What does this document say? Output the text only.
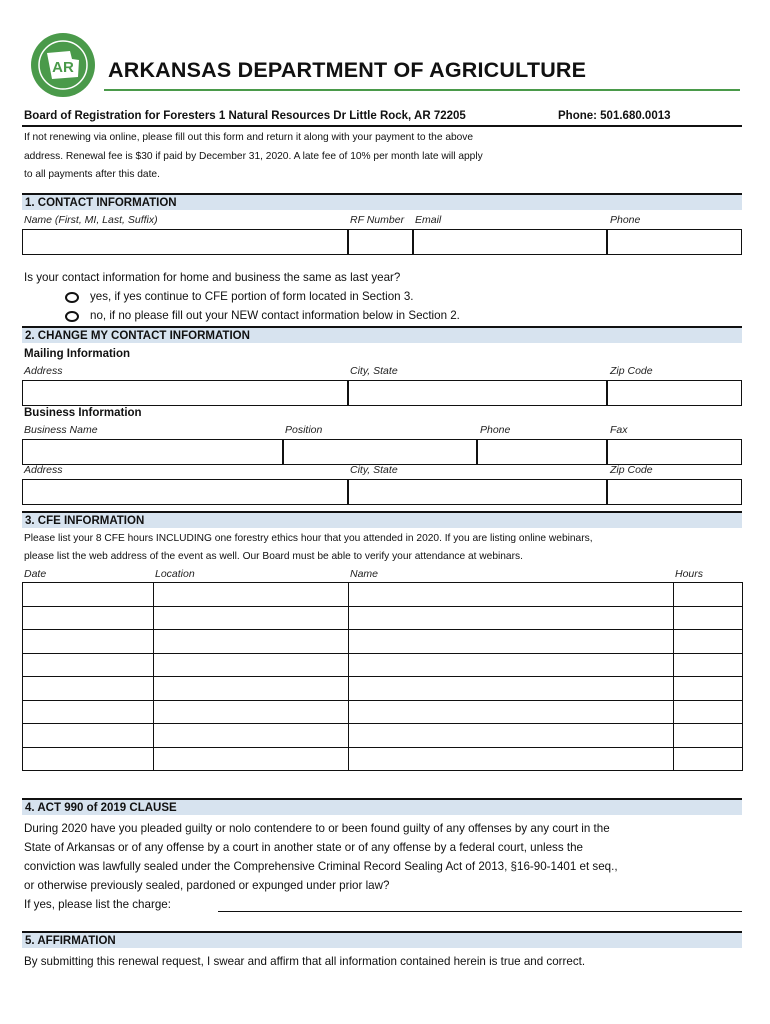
AR ARKANSAS DEPARTMENT OF AGRICULTURE
Board of Registration for Foresters 1 Natural Resources Dr Little Rock, AR 72205	Phone: 501.680.0013
If not renewing via online, please fill out this form and return it along with your payment to the above
address. Renewal fee is $30 if paid by December 31, 2020. A late fee of 10% per month late will apply
to all payments after this date.
1. CONTACT INFORMATION
Name (First, MI, Last, Suffix)	RF Number Email	Phone
Is your contact information for home and business the same as last year?
yes, if yes continue to CFE portion of form located in Section 3.
no, if no please fill out your NEW contact information below in Section 2.
2. CHANGE MY CONTACT INFORMATION
Mailing Information
Address	City, State	Zip Code
Business Information
Business Name	Position	Phone	Fax
Address	City, State	Zip Code
3. CFE INFORMATION
Please list your 8 CFE hours INCLUDING one forestry ethics hour that you attended in 2020. If you are listing online webinars,
please list the web address of the event as well. Our Board must be able to verify your attendance at webinars.
Date	Location	Name	Hours

4. ACT 990 of 2019 CLAUSE
During 2020 have you pleaded guilty or nolo contendere to or been found guilty of any offenses by any court in the
State of Arkansas or of any offense by a court in another state or of any offense by a federal court, unless the
conviction was lawfully sealed under the Comprehensive Criminal Record Sealing Act of 2013, §16-90-1401 et seq.,
or otherwise previously sealed, pardoned or expunged under prior law?
If yes, please list the charge:
5. AFFIRMATION
By submitting this renewal request, I swear and affirm that all information contained herein is true and correct.
